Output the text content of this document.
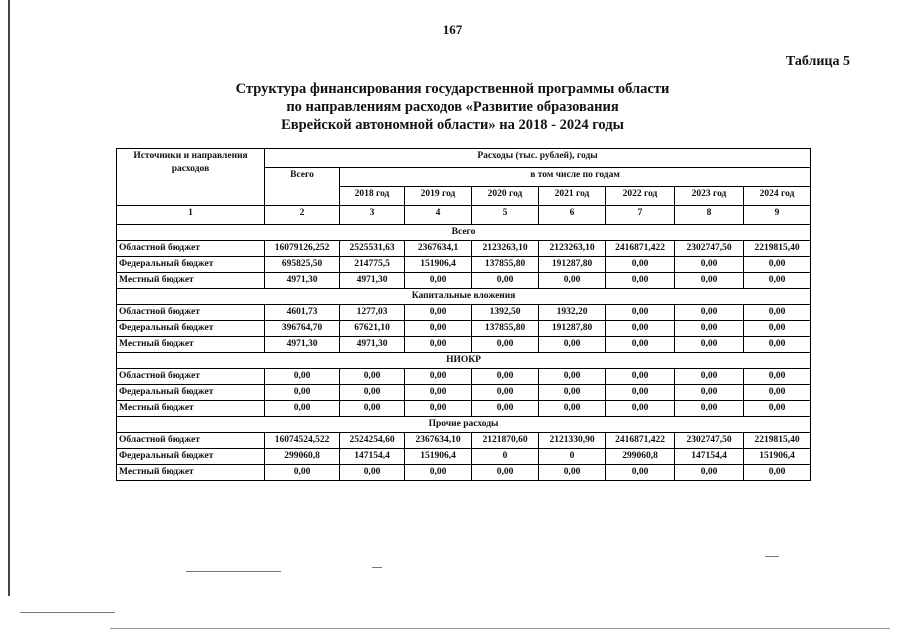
167
Таблица 5
Структура финансирования государственной программы области
по направлениям расходов «Развитие образования
Еврейской автономной области» на 2018 - 2024 годы
Источники и направления расходов	Расходы (тыс. рублей), годы							
	Всего	в том числе по годам						
		2018 год	2019 год	2020 год	2021 год	2022 год	2023 год	2024 год
1	2	3	4	5	6	7	8	9
Всего								
Областной бюджет	16079126,252	2525531,63	2367634,1	2123263,10	2123263,10	2416871,422	2302747,50	2219815,40
Федеральный бюджет	695825,50	214775,5	151906,4	137855,80	191287,80	0,00	0,00	0,00
Местный бюджет	4971,30	4971,30	0,00	0,00	0,00	0,00	0,00	0,00
Капитальные вложения								
Областной бюджет	4601,73	1277,03	0,00	1392,50	1932,20	0,00	0,00	0,00
Федеральный бюджет	396764,70	67621,10	0,00	137855,80	191287,80	0,00	0,00	0,00
Местный бюджет	4971,30	4971,30	0,00	0,00	0,00	0,00	0,00	0,00
НИОКР								
Областной бюджет	0,00	0,00	0,00	0,00	0,00	0,00	0,00	0,00
Федеральный бюджет	0,00	0,00	0,00	0,00	0,00	0,00	0,00	0,00
Местный бюджет	0,00	0,00	0,00	0,00	0,00	0,00	0,00	0,00
Прочие расходы								
Областной бюджет	16074524,522	2524254,60	2367634,10	2121870,60	2121330,90	2416871,422	2302747,50	2219815,40
Федеральный бюджет	299060,8	147154,4	151906,4	0	0	299060,8	147154,4	151906,4
Местный бюджет	0,00	0,00	0,00	0,00	0,00	0,00	0,00	0,00
